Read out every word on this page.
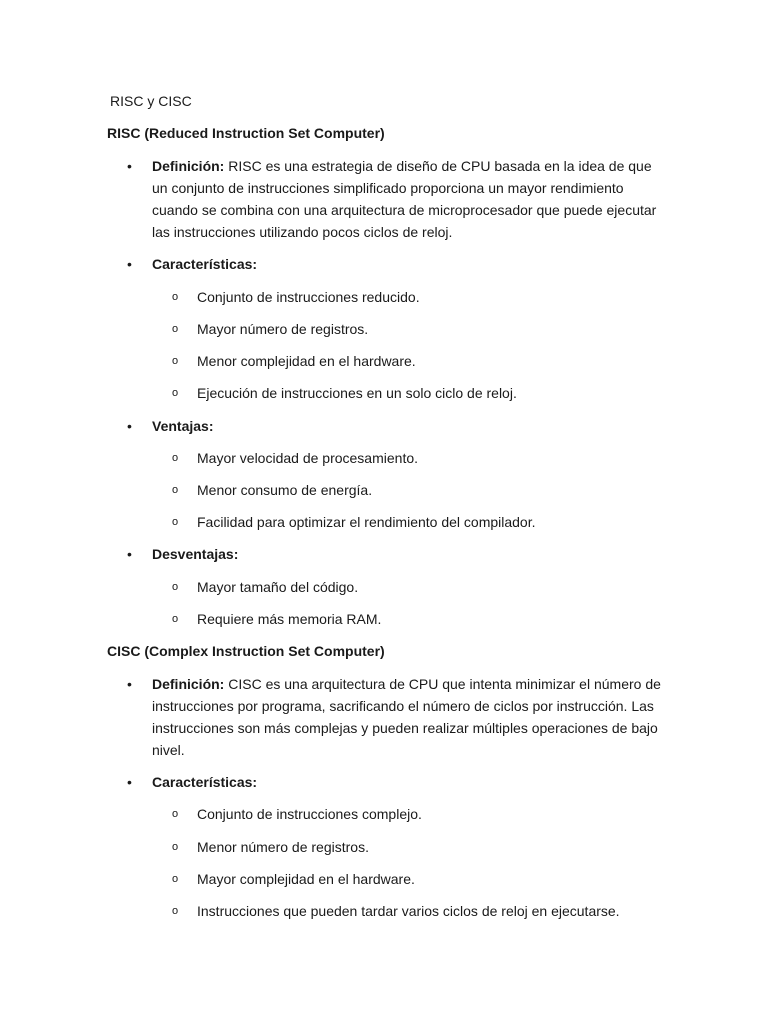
RISC y CISC

RISC (Reduced Instruction Set Computer)

•	Definición: RISC es una estrategia de diseño de CPU basada en la idea de que un conjunto de instrucciones simplificado proporciona un mayor rendimiento cuando se combina con una arquitectura de microprocesador que puede ejecutar las instrucciones utilizando pocos ciclos de reloj.
•	Características:
o	Conjunto de instrucciones reducido.
o	Mayor número de registros.
o	Menor complejidad en el hardware.
o	Ejecución de instrucciones en un solo ciclo de reloj.
•	Ventajas:
o	Mayor velocidad de procesamiento.
o	Menor consumo de energía.
o	Facilidad para optimizar el rendimiento del compilador.
•	Desventajas:
o	Mayor tamaño del código.
o	Requiere más memoria RAM.

CISC (Complex Instruction Set Computer)

•	Definición: CISC es una arquitectura de CPU que intenta minimizar el número de instrucciones por programa, sacrificando el número de ciclos por instrucción. Las instrucciones son más complejas y pueden realizar múltiples operaciones de bajo nivel.
•	Características:
o	Conjunto de instrucciones complejo.
o	Menor número de registros.
o	Mayor complejidad en el hardware.
o	Instrucciones que pueden tardar varios ciclos de reloj en ejecutarse.
